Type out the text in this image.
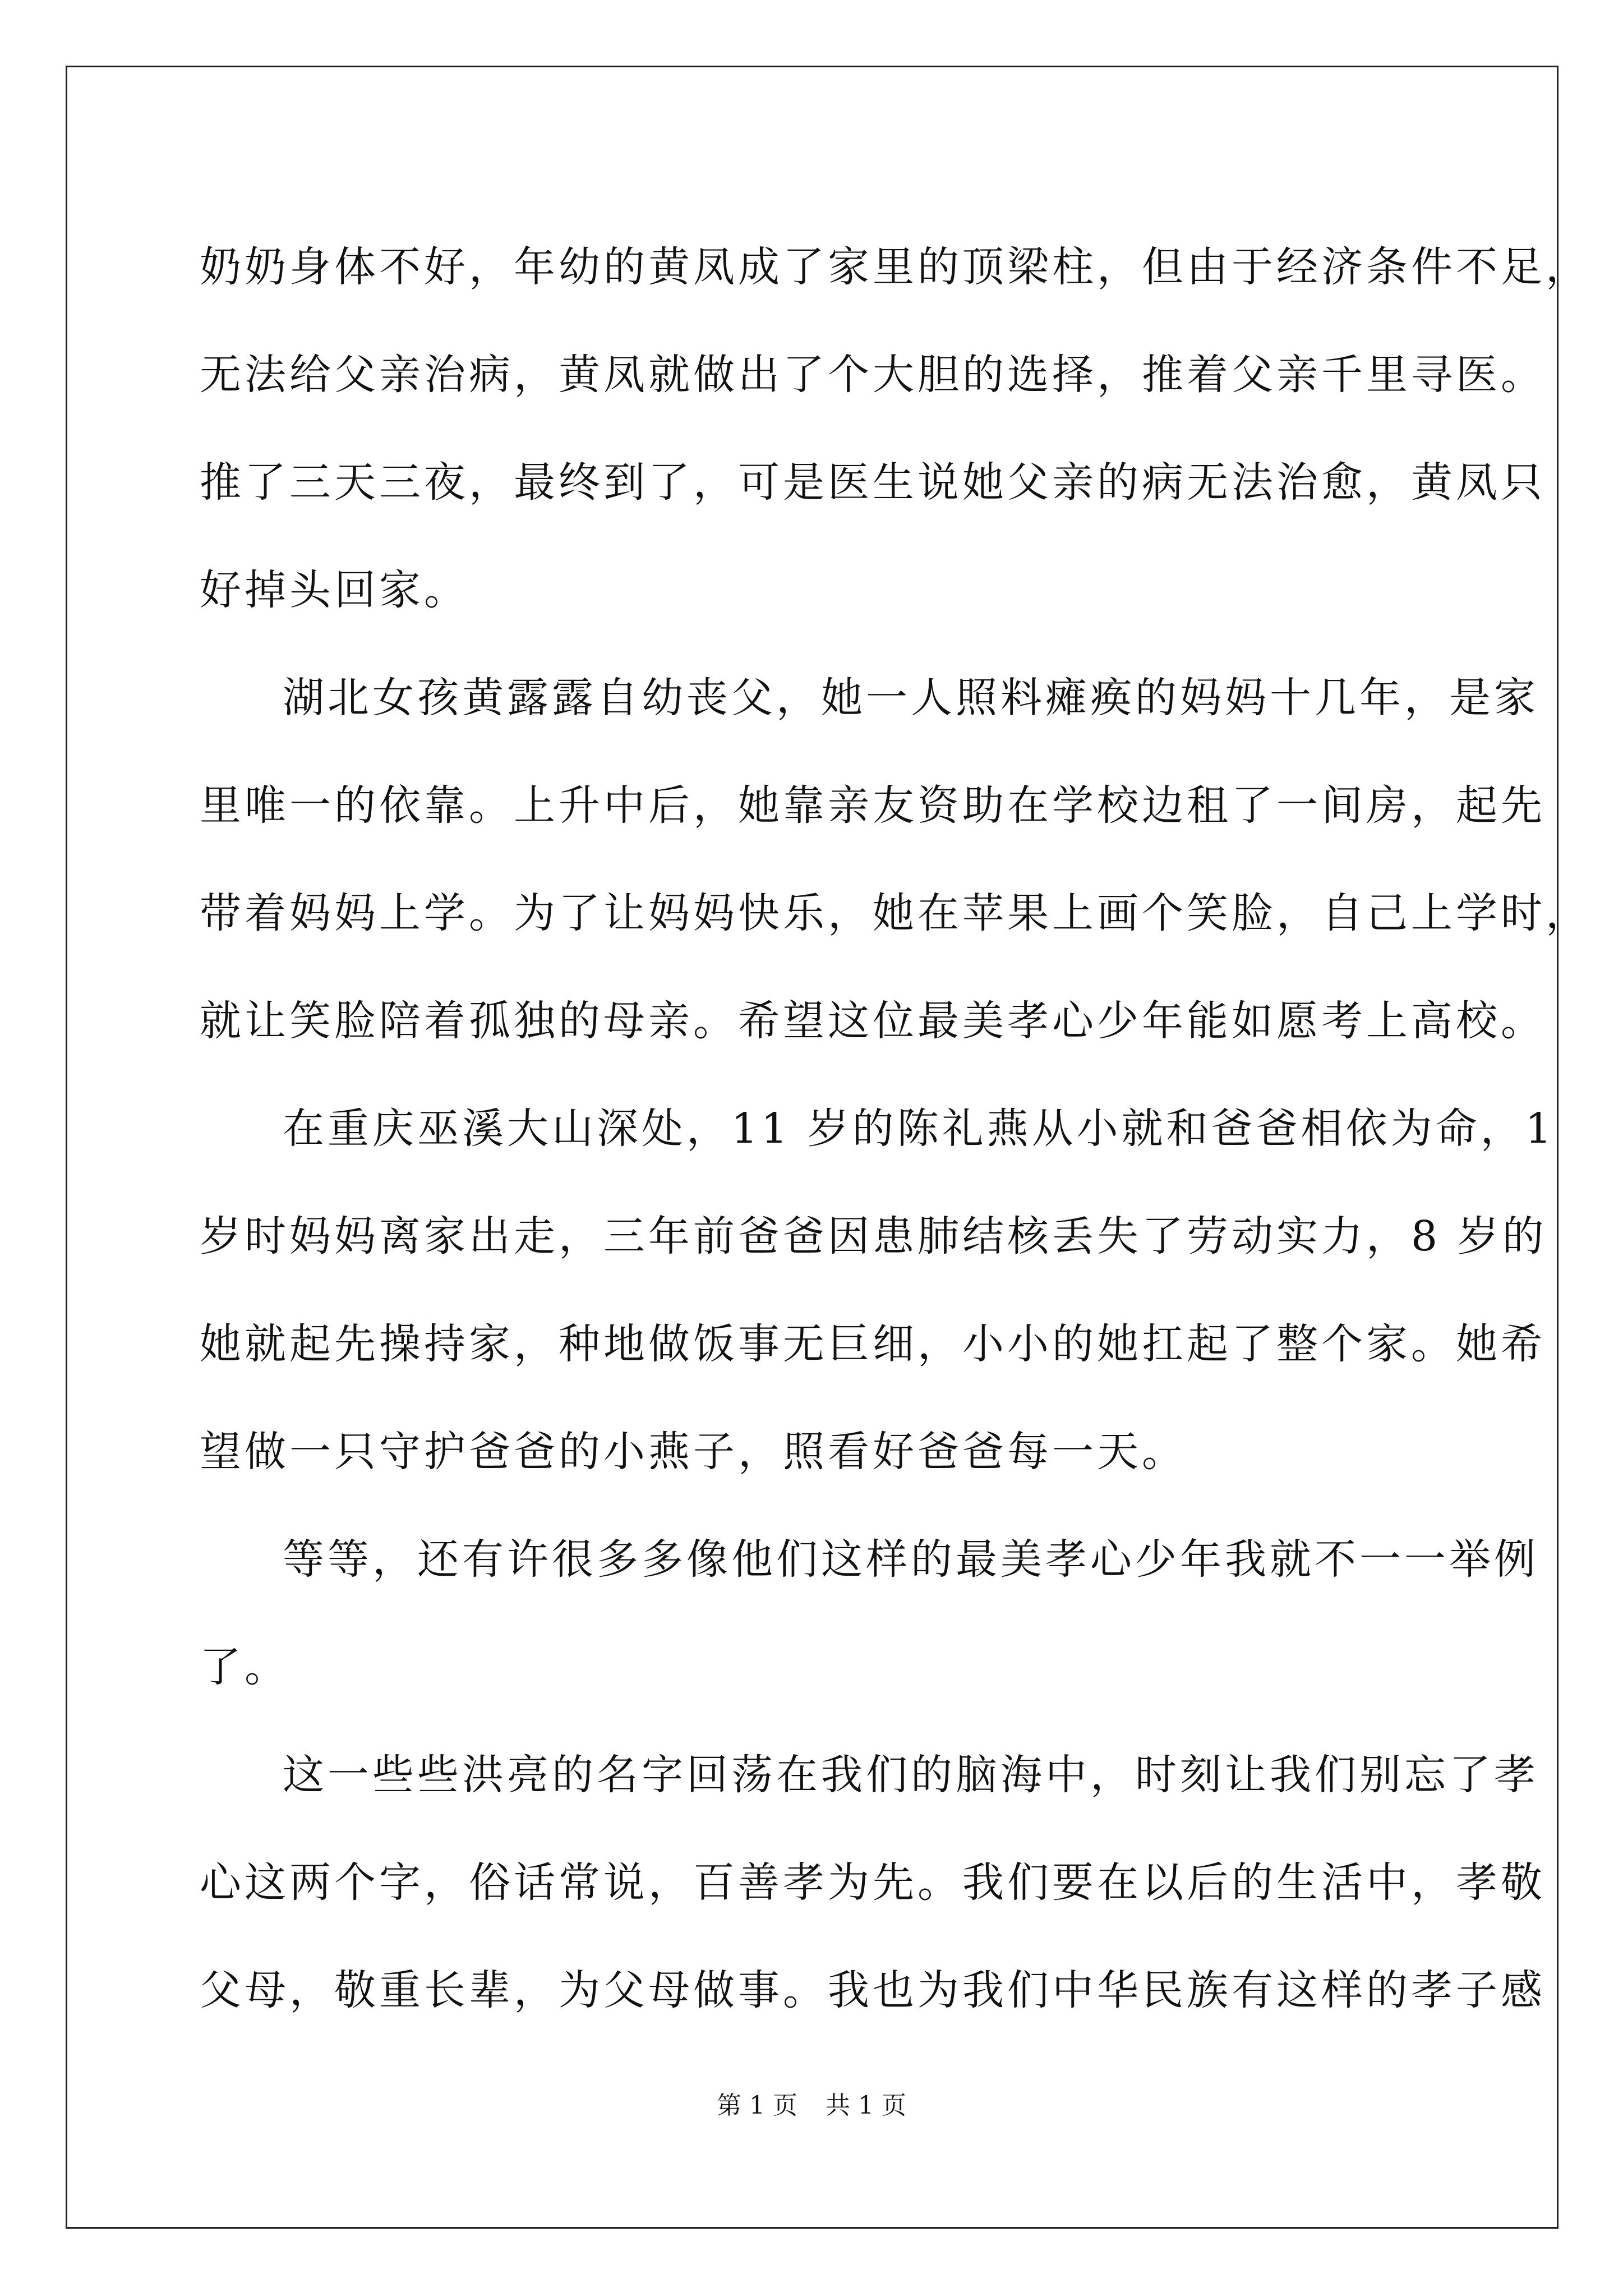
奶奶身体不好，年幼的黄凤成了家里的顶梁柱，但由于经济条件不足，
无法给父亲治病，黄凤就做出了个大胆的选择，推着父亲千里寻医。
推了三天三夜，最终到了，可是医生说她父亲的病无法治愈，黄凤只
好掉头回家。
湖北女孩黄露露自幼丧父，她一人照料瘫痪的妈妈十几年，是家
里唯一的依靠。上升中后，她靠亲友资助在学校边租了一间房，起先
带着妈妈上学。为了让妈妈快乐，她在苹果上画个笑脸，自己上学时，
就让笑脸陪着孤独的母亲。希望这位最美孝心少年能如愿考上高校。
在重庆巫溪大山深处，11 岁的陈礼燕从小就和爸爸相依为命，1
岁时妈妈离家出走，三年前爸爸因患肺结核丢失了劳动实力，8 岁的
她就起先操持家，种地做饭事无巨细，小小的她扛起了整个家。她希
望做一只守护爸爸的小燕子，照看好爸爸每一天。
等等，还有许很多多像他们这样的最美孝心少年我就不一一举例
了。
这一些些洪亮的名字回荡在我们的脑海中，时刻让我们别忘了孝
心这两个字，俗话常说，百善孝为先。我们要在以后的生活中，孝敬
父母，敬重长辈，为父母做事。我也为我们中华民族有这样的孝子感
第 1 页 共 1 页
